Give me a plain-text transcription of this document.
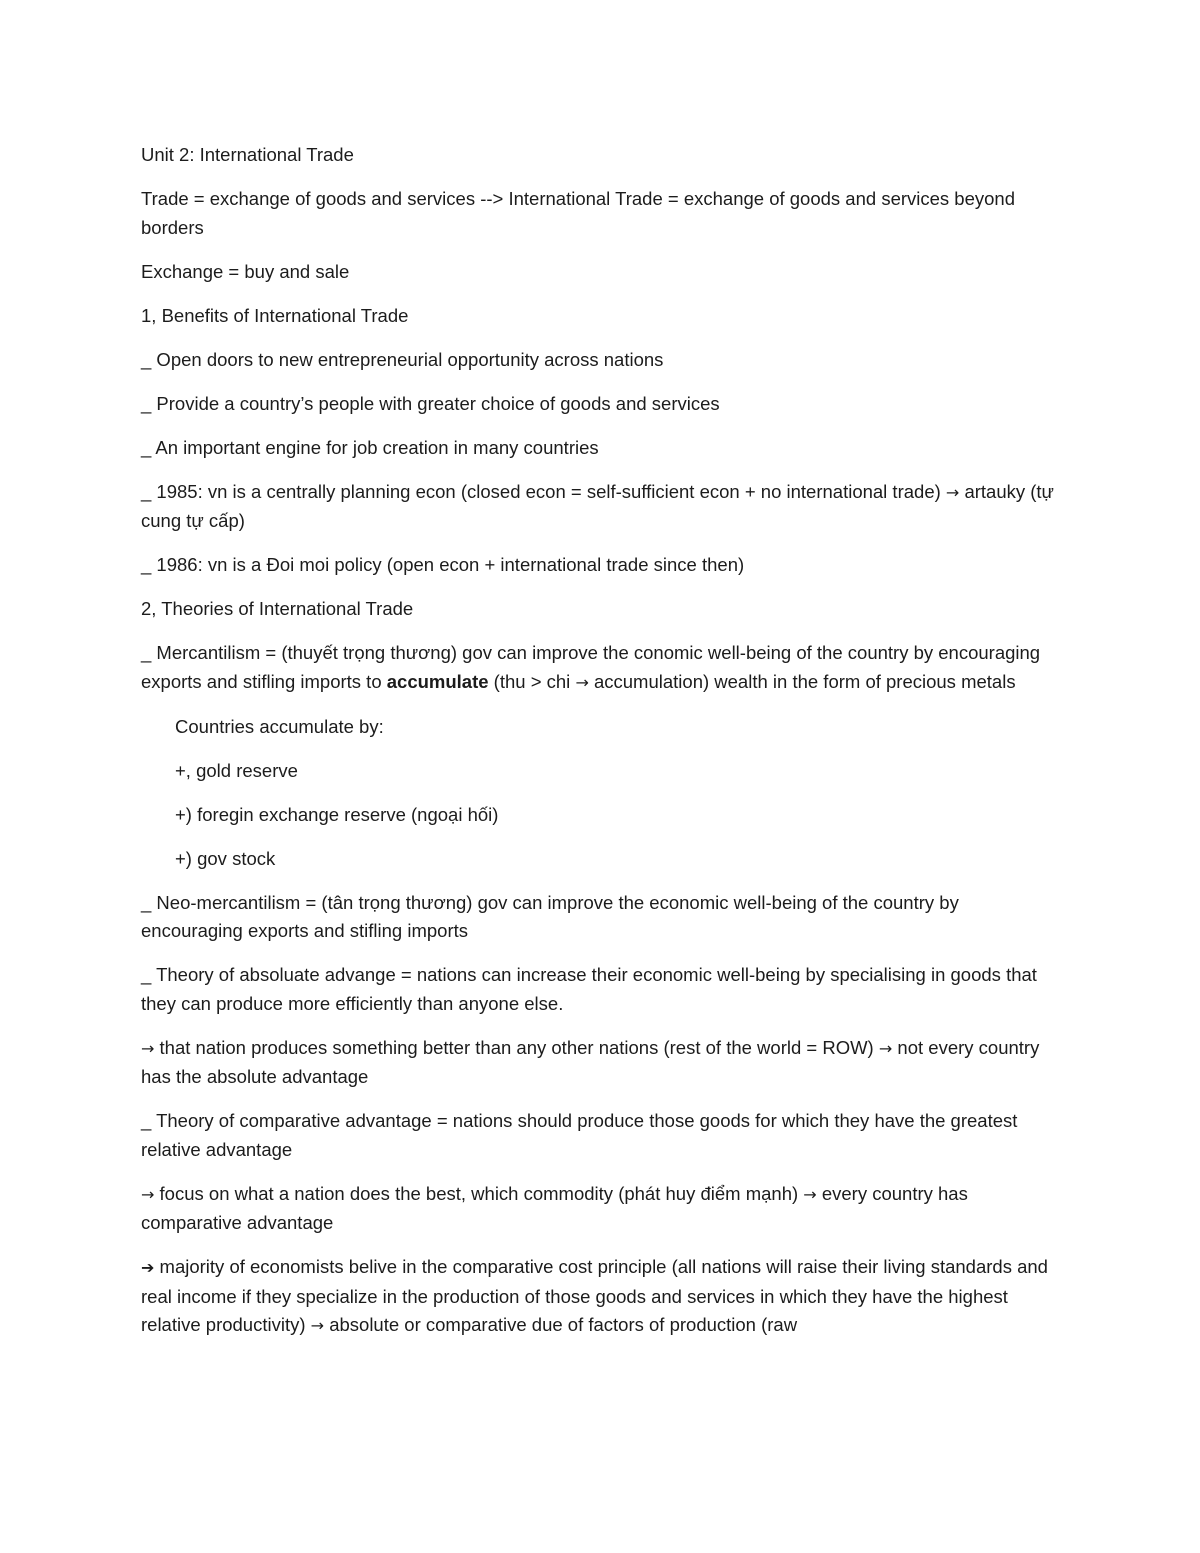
Unit 2: International Trade

Trade = exchange of goods and services --> International Trade = exchange of goods and services beyond borders

Exchange = buy and sale

1, Benefits of International Trade

_ Open doors to new entrepreneurial opportunity across nations

_ Provide a country’s people with greater choice of goods and services

_ An important engine for job creation in many countries

_ 1985: vn is a centrally planning econ (closed econ = self-sufficient econ + no international trade) → artauky (tự cung tự cấp)

_ 1986: vn is a Đoi moi policy (open econ + international trade since then)

2, Theories of International Trade

_ Mercantilism = (thuyết trọng thương) gov can improve the conomic well-being of the country by encouraging exports and stifling imports to accumulate (thu > chi → accumulation) wealth in the form of precious metals

Countries accumulate by:

+, gold reserve

+) foregin exchange reserve (ngoại hối)

+) gov stock

_ Neo-mercantilism = (tân trọng thương) gov can improve the economic well-being of the country by encouraging exports and stifling imports

_ Theory of absoluate advange = nations can increase their economic well-being by specialising in goods that they can produce more efficiently than anyone else.

→ that nation produces something better than any other nations (rest of the world = ROW) → not every country has the absolute advantage

_ Theory of comparative advantage = nations should produce those goods for which they have the greatest relative advantage

→ focus on what a nation does the best, which commodity (phát huy điểm mạnh) → every country has comparative advantage

➔ majority of economists belive in the comparative cost principle (all nations will raise their living standards and real income if they specialize in the production of those goods and services in which they have the highest relative productivity) → absolute or comparative due of factors of production (raw
